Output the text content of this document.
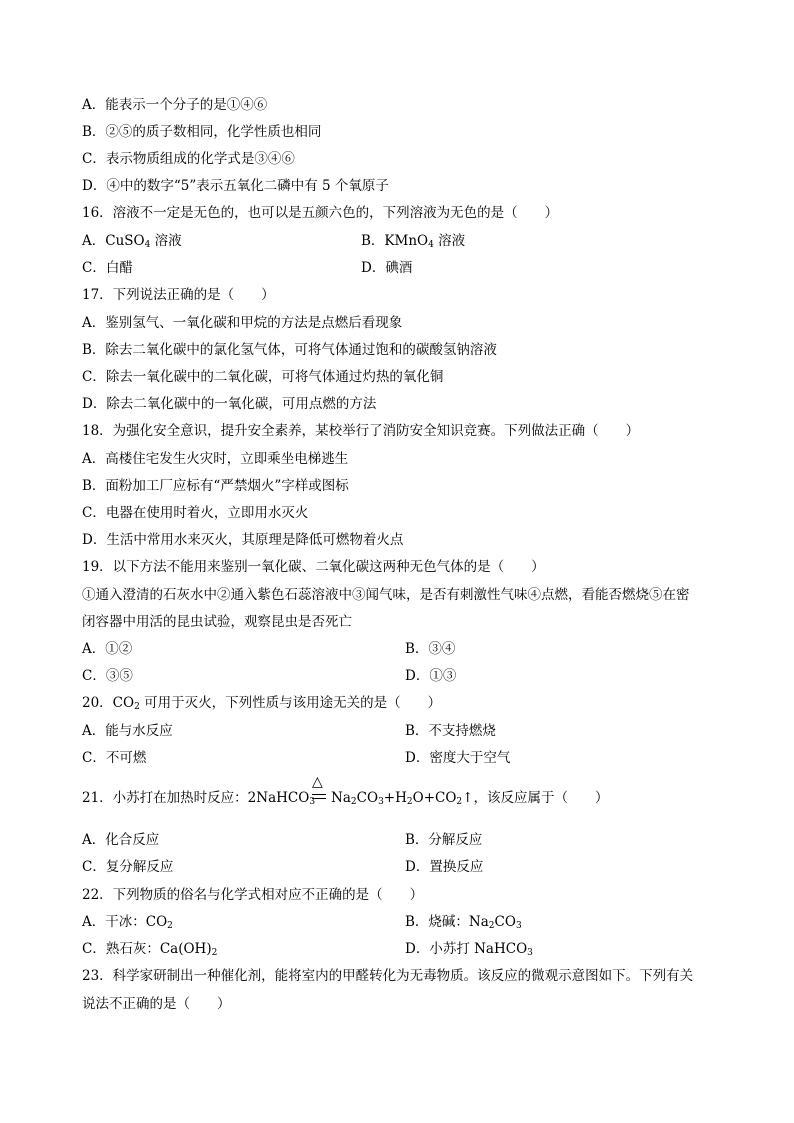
A．能表示一个分子的是①④⑥
B．②⑤的质子数相同，化学性质也相同
C．表示物质组成的化学式是③④⑥
D．④中的数字“5”表示五氧化二磷中有 5 个氧原子
16．溶液不一定是无色的，也可以是五颜六色的，下列溶液为无色的是（　　）
A．CuSO$_4$ 溶液	B．KMnO$_4$ 溶液
C．白醋	D．碘酒
17．下列说法正确的是（　　）
A．鉴别氢气、一氧化碳和甲烷的方法是点燃后看现象
B．除去二氧化碳中的氯化氢气体，可将气体通过饱和的碳酸氢钠溶液
C．除去一氧化碳中的二氧化碳，可将气体通过灼热的氧化铜
D．除去二氧化碳中的一氧化碳，可用点燃的方法
18．为强化安全意识，提升安全素养，某校举行了消防安全知识竞赛。下列做法正确（　　）
A．高楼住宅发生火灾时，立即乘坐电梯逃生
B．面粉加工厂应标有“严禁烟火”字样或图标
C．电器在使用时着火，立即用水灭火
D．生活中常用水来灭火，其原理是降低可燃物着火点
19．以下方法不能用来鉴别一氧化碳、二氧化碳这两种无色气体的是（　　）
①通入澄清的石灰水中②通入紫色石蕊溶液中③闻气味，是否有刺激性气味④点燃，看能否燃烧⑤在密
闭容器中用活的昆虫试验，观察昆虫是否死亡
A．①②	B．③④
C．③⑤	D．①③
20．$CO_2$ 可用于灭火，下列性质与该用途无关的是（　　）
A．能与水反应	B．不支持燃烧
C．不可燃	D．密度大于空气
21．小苏打在加热时反应：2NaHCO$_3$ $Na_2CO_3+H_2O+CO_2↑$，该反应属于（　　）
△
A．化合反应	B．分解反应
C．复分解反应	D．置换反应
22．下列物质的俗名与化学式相对应不正确的是（　　）
A．干冰：$CO_2$	B．烧碱：$Na_2CO_3$
C．熟石灰：$Ca(OH)_2$	D．小苏打 NaHCO$_3$
23．科学家研制出一种催化剂，能将室内的甲醛转化为无毒物质。该反应的微观示意图如下。下列有关
说法不正确的是（　　）
